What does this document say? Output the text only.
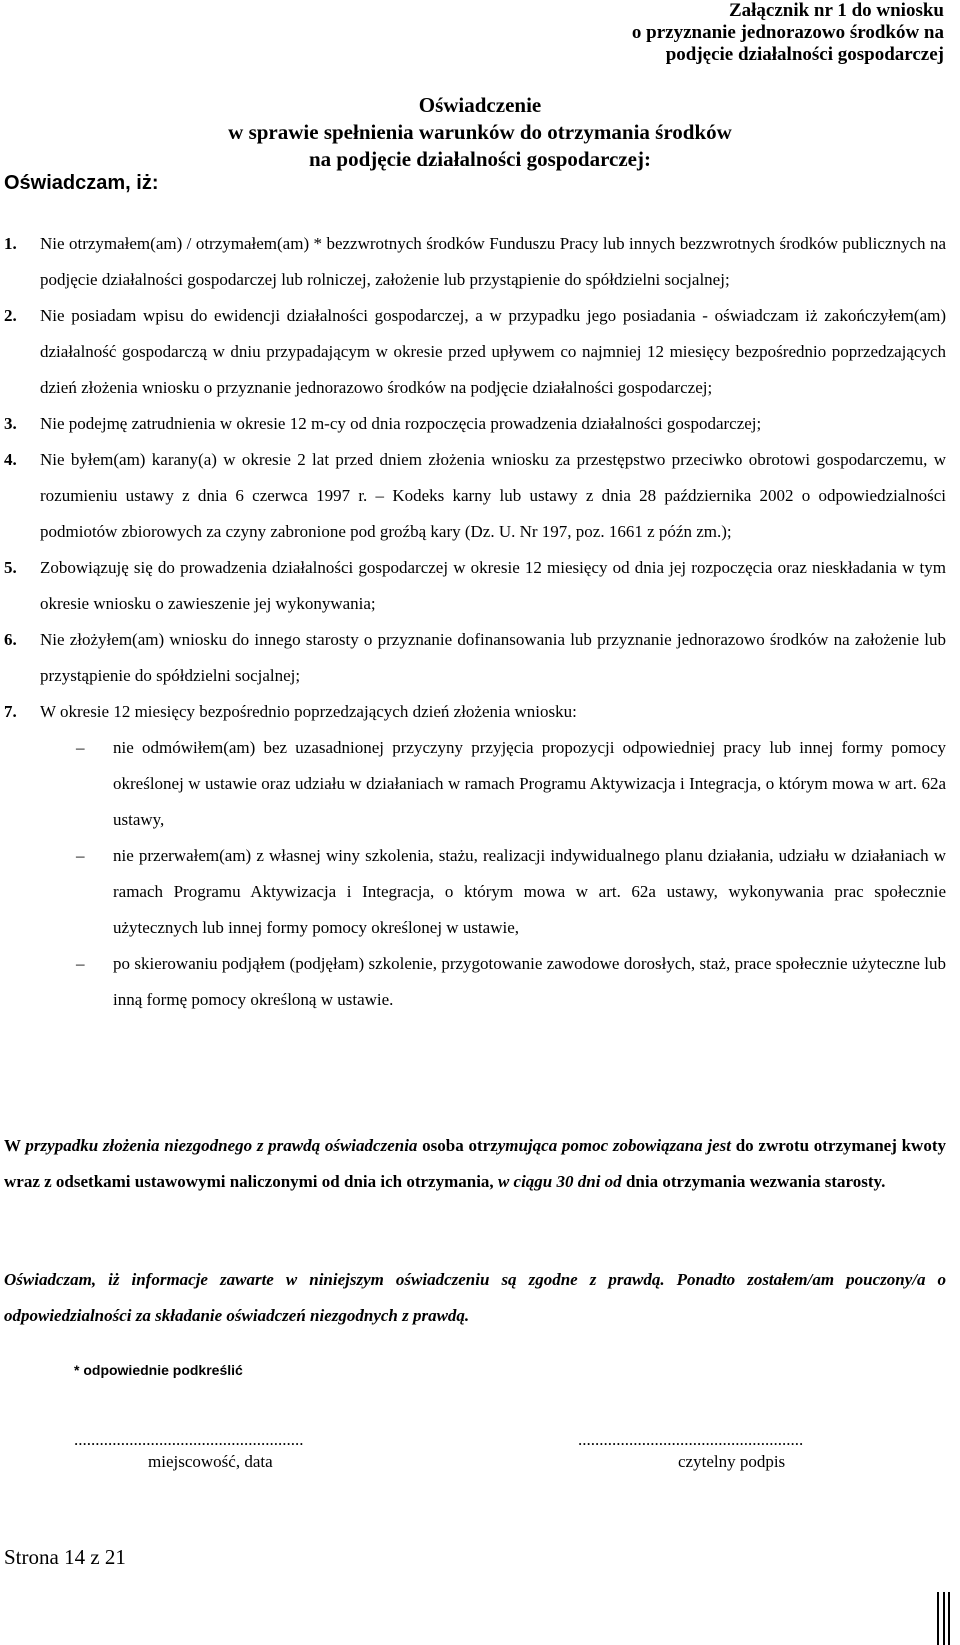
Załącznik nr 1 do wniosku
o przyznanie jednorazowo środków na
podjęcie działalności gospodarczej
Oświadczenie
w sprawie spełnienia warunków do otrzymania środków
na podjęcie działalności gospodarczej:
Oświadczam, iż:
1. Nie otrzymałem(am) / otrzymałem(am) * bezzwrotnych środków Funduszu Pracy lub innych bezzwrotnych środków publicznych na podjęcie działalności gospodarczej lub rolniczej, założenie lub przystąpienie do spółdzielni socjalnej;
2. Nie posiadam wpisu do ewidencji działalności gospodarczej, a w przypadku jego posiadania - oświadczam iż zakończyłem(am) działalność gospodarczą w dniu przypadającym w okresie przed upływem co najmniej 12 miesięcy bezpośrednio poprzedzających dzień złożenia wniosku o przyznanie jednorazowo środków na podjęcie działalności gospodarczej;
3. Nie podejmę zatrudnienia w okresie 12 m-cy od dnia rozpoczęcia prowadzenia działalności gospodarczej;
4. Nie byłem(am) karany(a) w okresie 2 lat przed dniem złożenia wniosku za przestępstwo przeciwko obrotowi gospodarczemu, w rozumieniu ustawy z dnia 6 czerwca 1997 r. – Kodeks karny lub ustawy z dnia 28 października 2002 o odpowiedzialności podmiotów zbiorowych za czyny zabronione pod groźbą kary (Dz. U. Nr 197, poz. 1661 z późn zm.);
5. Zobowiązuję się do prowadzenia działalności gospodarczej w okresie 12 miesięcy od dnia jej rozpoczęcia oraz nieskładania w tym okresie wniosku o zawieszenie jej wykonywania;
6. Nie złożyłem(am) wniosku do innego starosty o przyznanie dofinansowania lub przyznanie jednorazowo środków na założenie lub przystąpienie do spółdzielni socjalnej;
7. W okresie 12 miesięcy bezpośrednio poprzedzających dzień złożenia wniosku:
– nie odmówiłem(am) bez uzasadnionej przyczyny przyjęcia propozycji odpowiedniej pracy lub innej formy pomocy określonej w ustawie oraz udziału w działaniach w ramach Programu Aktywizacja i Integracja, o którym mowa w art. 62a ustawy,
– nie przerwałem(am) z własnej winy szkolenia, stażu, realizacji indywidualnego planu działania, udziału w działaniach w ramach Programu Aktywizacja i Integracja, o którym mowa w art. 62a ustawy, wykonywania prac społecznie użytecznych lub innej formy pomocy określonej w ustawie,
– po skierowaniu podjąłem (podjęłam) szkolenie, przygotowanie zawodowe dorosłych, staż, prace społecznie użyteczne lub inną formę pomocy określoną w ustawie.
W przypadku złożenia niezgodnego z prawdą oświadczenia osoba otrzymująca pomoc zobowiązana jest do zwrotu otrzymanej kwoty wraz z odsetkami ustawowymi naliczonymi od dnia ich otrzymania, w ciągu 30 dni od dnia otrzymania wezwania starosty.
Oświadczam, iż informacje zawarte w niniejszym oświadczeniu są zgodne z prawdą. Ponadto zostałem/am pouczony/a o odpowiedzialności za składanie oświadczeń niezgodnych z prawdą.
* odpowiednie podkreślić
......................................................
miejscowość, data
.....................................................
czytelny podpis
Strona 14 z 21
